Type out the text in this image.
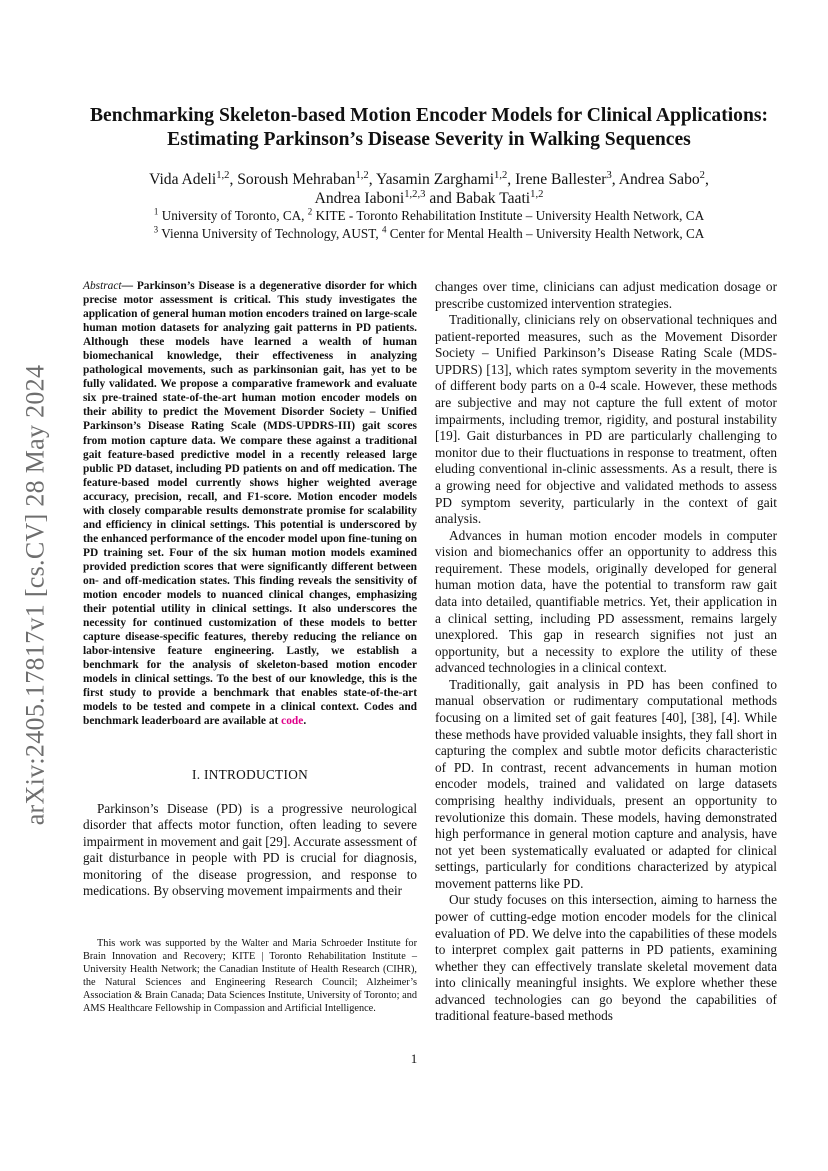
arXiv:2405.17817v1 [cs.CV] 28 May 2024
Benchmarking Skeleton-based Motion Encoder Models for Clinical Applications:
Estimating Parkinson’s Disease Severity in Walking Sequences

Vida Adeli$^{1,2}$, Soroush Mehraban$^{1,2}$, Yasamin Zarghami$^{1,2}$, Irene Ballester$^3$, Andrea Sabo$^2$,
Andrea Iaboni$^{1,2,3}$ and Babak Taati$^{1,2}$

$^1$ University of Toronto, CA, $^2$ KITE - Toronto Rehabilitation Institute – University Health Network, CA
$^3$ Vienna University of Technology, AUST, $^4$ Center for Mental Health – University Health Network, CA

Abstract— Parkinson’s Disease is a degenerative disorder for which precise motor assessment is critical. This study investigates the application of general human motion encoders trained on large-scale human motion datasets for analyzing gait patterns in PD patients. Although these models have learned a wealth of human biomechanical knowledge, their effectiveness in analyzing pathological movements, such as parkinsonian gait, has yet to be fully validated. We propose a comparative framework and evaluate six pre-trained state-of-the-art human motion encoder models on their ability to predict the Movement Disorder Society – Unified Parkinson’s Disease Rating Scale (MDS-UPDRS-III) gait scores from motion capture data. We compare these against a traditional gait feature-based predictive model in a recently released large public PD dataset, including PD patients on and off medication. The feature-based model currently shows higher weighted average accuracy, precision, recall, and F1-score. Motion encoder models with closely comparable results demonstrate promise for scalability and efficiency in clinical settings. This potential is underscored by the enhanced performance of the encoder model upon fine-tuning on PD training set. Four of the six human motion models examined provided prediction scores that were significantly different between on- and off-medication states. This finding reveals the sensitivity of motion encoder models to nuanced clinical changes, emphasizing their potential utility in clinical settings. It also underscores the necessity for continued customization of these models to better capture disease-specific features, thereby reducing the reliance on labor-intensive feature engineering. Lastly, we establish a benchmark for the analysis of skeleton-based motion encoder models in clinical settings. To the best of our knowledge, this is the first study to provide a benchmark that enables state-of-the-art models to be tested and compete in a clinical context. Codes and benchmark leaderboard are available at code.

I. INTRODUCTION

Parkinson’s Disease (PD) is a progressive neurological disorder that affects motor function, often leading to severe impairment in movement and gait [29]. Accurate assessment of gait disturbance in people with PD is crucial for diagnosis, monitoring of the disease progression, and response to medications. By observing movement impairments and their

This work was supported by the Walter and Maria Schroeder Institute for Brain Innovation and Recovery; KITE | Toronto Rehabilitation Institute – University Health Network; the Canadian Institute of Health Research (CIHR), the Natural Sciences and Engineering Research Council; Alzheimer’s Association & Brain Canada; Data Sciences Institute, University of Toronto; and AMS Healthcare Fellowship in Compassion and Artificial Intelligence.

changes over time, clinicians can adjust medication dosage or prescribe customized intervention strategies.

Traditionally, clinicians rely on observational techniques and patient-reported measures, such as the Movement Disorder Society – Unified Parkinson’s Disease Rating Scale (MDS-UPDRS) [13], which rates symptom severity in the movements of different body parts on a 0-4 scale. However, these methods are subjective and may not capture the full extent of motor impairments, including tremor, rigidity, and postural instability [19]. Gait disturbances in PD are particularly challenging to monitor due to their fluctuations in response to treatment, often eluding conventional in-clinic assessments. As a result, there is a growing need for objective and validated methods to assess PD symptom severity, particularly in the context of gait analysis.

Advances in human motion encoder models in computer vision and biomechanics offer an opportunity to address this requirement. These models, originally developed for general human motion data, have the potential to transform raw gait data into detailed, quantifiable metrics. Yet, their application in a clinical setting, including PD assessment, remains largely unexplored. This gap in research signifies not just an opportunity, but a necessity to explore the utility of these advanced technologies in a clinical context.

Traditionally, gait analysis in PD has been confined to manual observation or rudimentary computational methods focusing on a limited set of gait features [40], [38], [4]. While these methods have provided valuable insights, they fall short in capturing the complex and subtle motor deficits characteristic of PD. In contrast, recent advancements in human motion encoder models, trained and validated on large datasets comprising healthy individuals, present an opportunity to revolutionize this domain. These models, having demonstrated high performance in general motion capture and analysis, have not yet been systematically evaluated or adapted for clinical settings, particularly for conditions characterized by atypical movement patterns like PD.

Our study focuses on this intersection, aiming to harness the power of cutting-edge motion encoder models for the clinical evaluation of PD. We delve into the capabilities of these models to interpret complex gait patterns in PD patients, examining whether they can effectively translate skeletal movement data into clinically meaningful insights. We explore whether these advanced technologies can go beyond the capabilities of traditional feature-based methods

1
